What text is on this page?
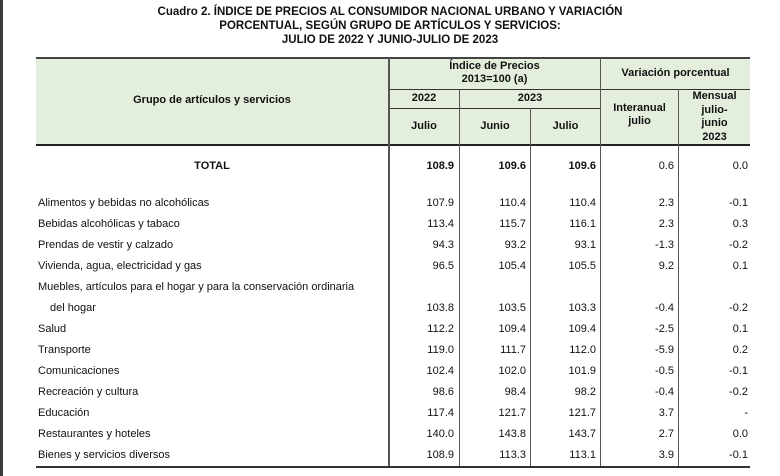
Cuadro 2. ÍNDICE DE PRECIOS AL CONSUMIDOR NACIONAL URBANO Y VARIACIÓN
PORCENTUAL, SEGÚN GRUPO DE ARTÍCULOS Y SERVICIOS:
JULIO DE 2022 Y JUNIO-JULIO DE 2023
Grupo de artículos y servicios
Índice de Precios
2013=100 (a)
2022	2023
Julio	Junio	Julio
Variación porcentual
Interanual
julio
Mensual
julio-
junio
2023
TOTAL	108.9	109.6	109.6	0.6	0.0
Alimentos y bebidas no alcohólicas	107.9	110.4	110.4	2.3	-0.1
Bebidas alcohólicas y tabaco	113.4	115.7	116.1	2.3	0.3
Prendas de vestir y calzado	94.3	93.2	93.1	-1.3	-0.2
Vivienda, agua, electricidad y gas	96.5	105.4	105.5	9.2	0.1
Muebles, artículos para el hogar y para la conservación ordinaria
del hogar	103.8	103.5	103.3	-0.4	-0.2
Salud	112.2	109.4	109.4	-2.5	0.1
Transporte	119.0	111.7	112.0	-5.9	0.2
Comunicaciones	102.4	102.0	101.9	-0.5	-0.1
Recreación y cultura	98.6	98.4	98.2	-0.4	-0.2
Educación	117.4	121.7	121.7	3.7	-
Restaurantes y hoteles	140.0	143.8	143.7	2.7	0.0
Bienes y servicios diversos	108.9	113.3	113.1	3.9	-0.1
